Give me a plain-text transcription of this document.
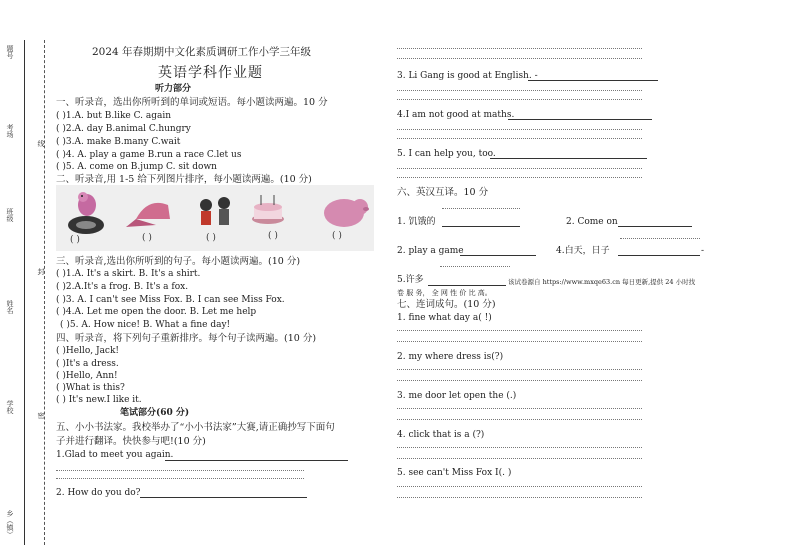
题号
考场
班级
姓名
学校
乡（镇）
线
封
密
2024 年春期期中文化素质调研工作小学三年级
英语学科作业题
听力部分
一、听录音，选出你所听到的单词或短语。每小题读两遍。10 分
( )1.A. but B.like C. again
( )2.A. day B.animal C.hungry
( )3.A. make B.many C.wait
( )4. A. play a game B.run a race C.let us
( )5. A. come on B.jump C. sit down
二、听录音,用 1-5 给下列图片排序，每小题读两遍。(10 分)
( )	( )	( )	( )	( )
三、听录音,选出你所听到的句子。每小题读两遍。(10 分)
( )1.A. It's a skirt. B. It's a shirt.
( )2.A.It's a frog. B. It's a fox.
( )3. A. I can't see Miss Fox. B. I can see Miss Fox.
( )4.A. Let me open the door. B. Let me help
( )5. A. How nice! B. What a fine day!
四、听录音，将下列句子重新排序。每个句子读两遍。(10 分)
( )Hello, Jack!
( )It's a dress.
( )Hello, Ann!
( )What is this?
( ) It's new.I like it.
笔试部分(60 分)
五、小小书法家。我校举办了“小小书法家”大赛,请正确抄写下面句
子并进行翻译。快快参与吧!(10 分)
1.Glad to meet you again.
2. How do you do?
3. Li Gang is good at English. -
4.I am not good at maths.
5. I can help you, too.
六、英汉互译。10 分
1. 饥饿的	2. Come on
2. play a game	4.白天，日子	-
5.许多	该试卷源自 https://www.mxqe63.cn 每日更新,提供 24 小时找
卷 服 务， 全 网 性 价 比 高。
七、连词成句。(10 分)
1. fine what day a( !)
2. my where dress is(?)
3. me door let open the (.)
4. click that is a (?)
5. see can't Miss Fox I(. )
